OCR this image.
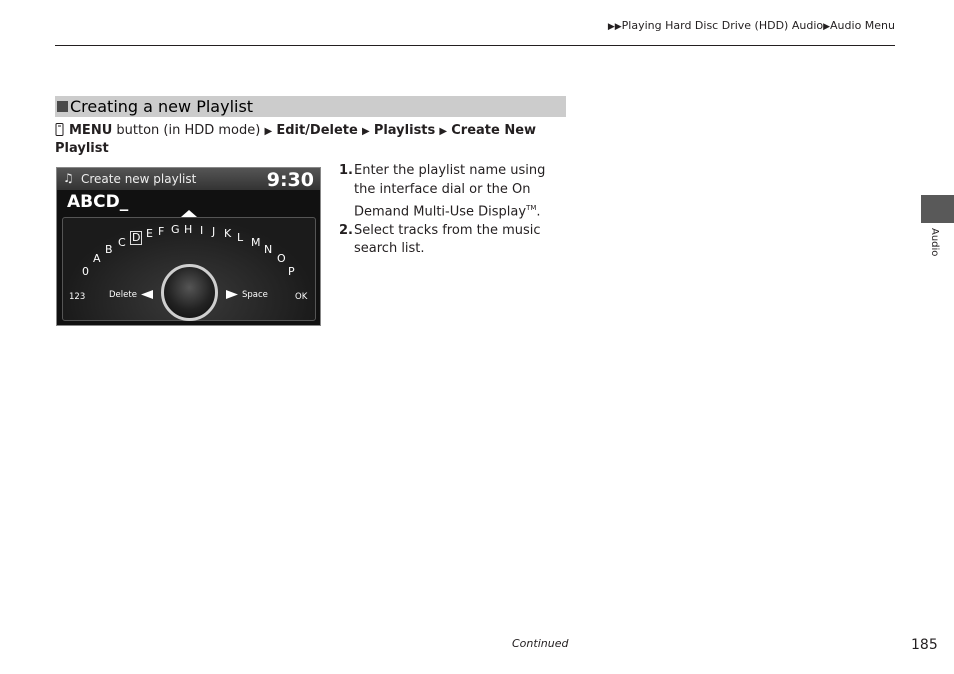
▶▶Playing Hard Disc Drive (HDD) Audio▶Audio Menu
Creating a new Playlist
MENU button (in HDD mode) ▶ Edit/Delete ▶ Playlists ▶ Create New Playlist
♫ Create new playlist	9:30
ABCD_
A
B
C D E F G H I J K L M
N
O
P
0
123	OK
Delete	Space
1. Enter the playlist name using the interface dial or the On Demand Multi-Use Display™.
2. Select tracks from the music search list.	Audio
Continued	185
